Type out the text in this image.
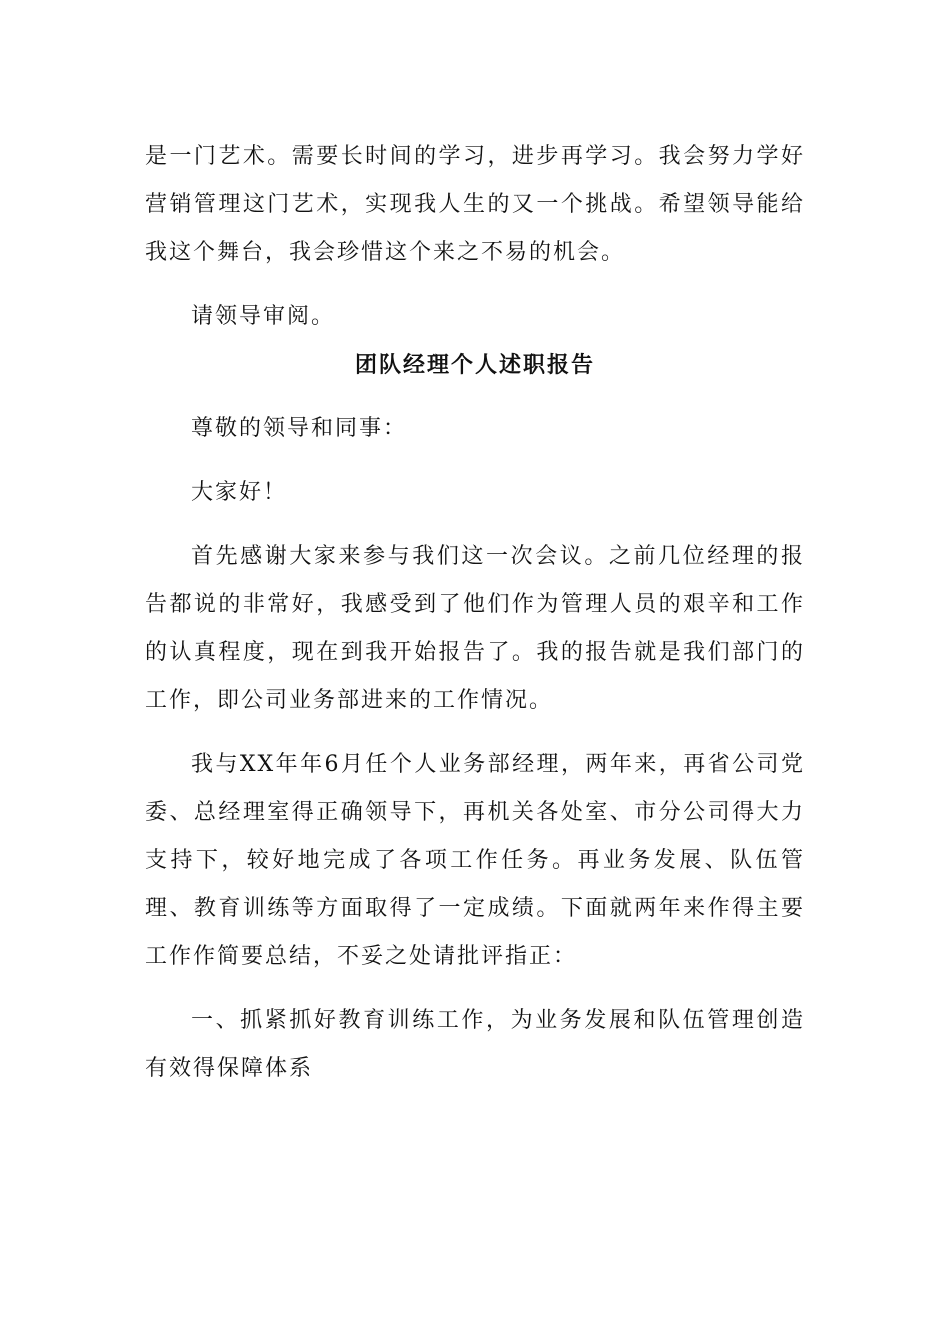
是一门艺术。需要长时间的学习，进步再学习。我会努力学好营销管理这门艺术，实现我人生的又一个挑战。希望领导能给我这个舞台，我会珍惜这个来之不易的机会。

请领导审阅。

团队经理个人述职报告

尊敬的领导和同事：

大家好！

首先感谢大家来参与我们这一次会议。之前几位经理的报告都说的非常好，我感受到了他们作为管理人员的艰辛和工作的认真程度，现在到我开始报告了。我的报告就是我们部门的工作，即公司业务部进来的工作情况。

我与XX年年6月任个人业务部经理，两年来，再省公司党委、总经理室得正确领导下，再机关各处室、市分公司得大力支持下，较好地完成了各项工作任务。再业务发展、队伍管理、教育训练等方面取得了一定成绩。下面就两年来作得主要工作作简要总结，不妥之处请批评指正：

一、抓紧抓好教育训练工作，为业务发展和队伍管理创造有效得保障体系
